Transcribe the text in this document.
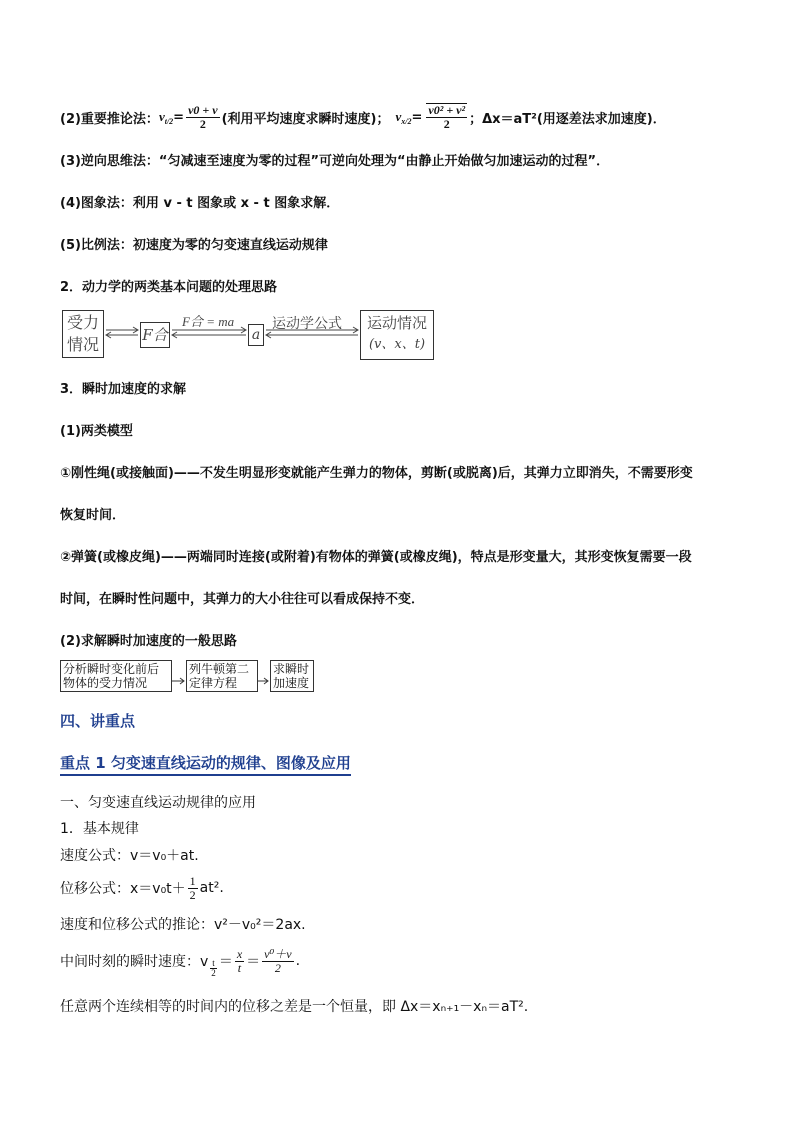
(2)重要推论法： $v_{t/2} = \frac{v0 + v}{2}$ (利用平均速度求瞬时速度)； $v_{x/2} = \frac{\text{v0² + v²}}{2}$ ；Δx＝aT²(用逐差法求加速度)．
(3)逆向思维法：“匀减速至速度为零的过程”可逆向处理为“由静止开始做匀加速运动的过程”．
(4)图象法：利用 v - t 图象或 x - t 图象求解．
(5)比例法：初速度为零的匀变速直线运动规律
2．动力学的两类基本问题的处理思路
受力
情况	F合
F合 = ma
a
运动学公式	运动情况
(v、x、t)
3．瞬时加速度的求解
(1)两类模型
①刚性绳(或接触面)——不发生明显形变就能产生弹力的物体，剪断(或脱离)后，其弹力立即消失，不需要形变
恢复时间．
②弹簧(或橡皮绳)——两端同时连接(或附着)有物体的弹簧(或橡皮绳)，特点是形变量大，其形变恢复需要一段
时间，在瞬时性问题中，其弹力的大小往往可以看成保持不变．
(2)求解瞬时加速度的一般思路
分析瞬时变化前后
物体的受力情况
列牛顿第二
定律方程
求瞬时
加速度
四、讲重点
重点 1 匀变速直线运动的规律、图像及应用
一、匀变速直线运动规律的应用
1．基本规律
速度公式：v＝v₀＋at.
位移公式：$x=v_0t+ \frac{1}{2} at^2$.
速度和位移公式的推论：v²－v₀²＝2ax.
中间时刻的瞬时速度：v $\frac{t}{2} = \frac{x}{t} = \frac{\text{v⁰＋v}}{2}$ .
任意两个连续相等的时间内的位移之差是一个恒量，即 Δx＝xₙ₊₁－xₙ＝aT².
